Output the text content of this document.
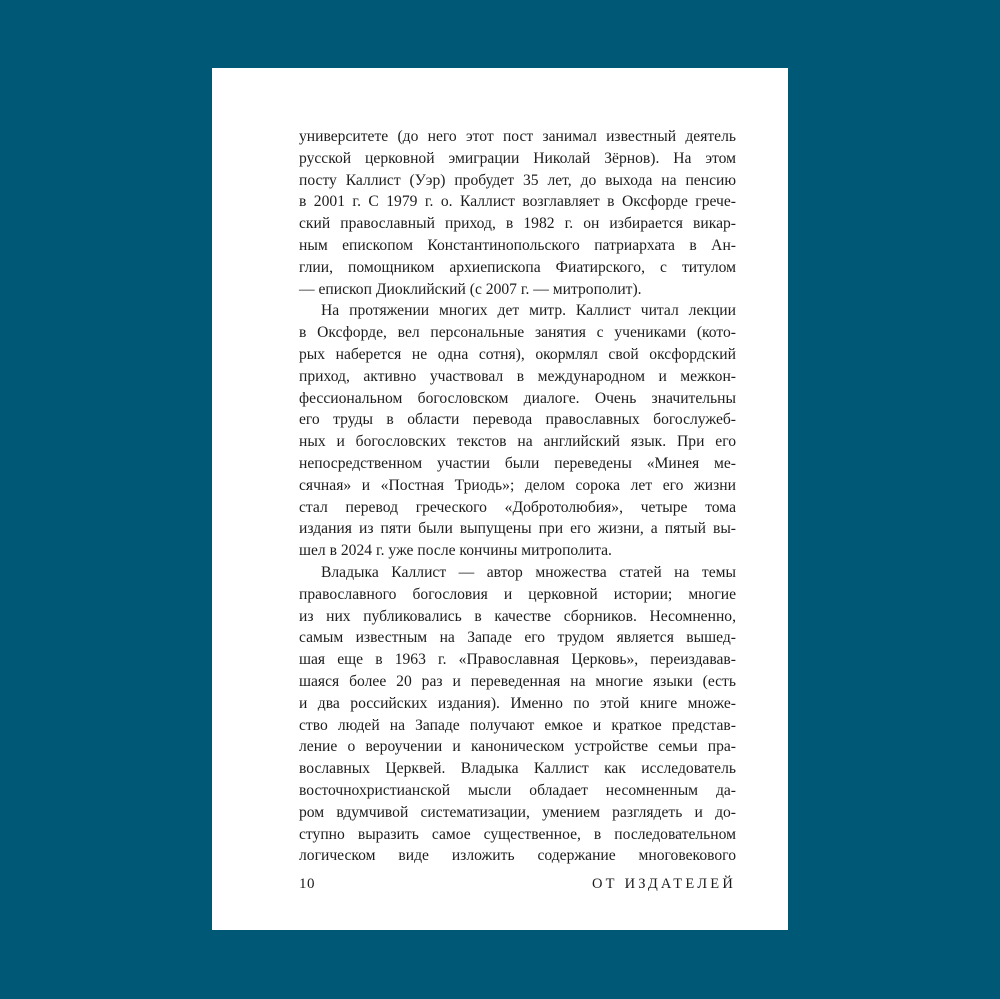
университете (до него этот пост занимал известный деятель
русской церковной эмиграции Николай Зёрнов). На этом
посту Каллист (Уэр) пробудет 35 лет, до выхода на пенсию
в 2001 г. С 1979 г. о. Каллист возглавляет в Оксфорде грече-
ский православный приход, в 1982 г. он избирается викар-
ным епископом Константинопольского патриархата в Ан-
глии, помощником архиепископа Фиатирского, с титулом
— епископ Диоклийский (с 2007 г. — митрополит).

На протяжении многих дет митр. Каллист читал лекции
в Оксфорде, вел персональные занятия с учениками (кото-
рых наберется не одна сотня), окормлял свой оксфордский
приход, активно участвовал в международном и межкон-
фессиональном богословском диалоге. Очень значительны
его труды в области перевода православных богослужеб-
ных и богословских текстов на английский язык. При его
непосредственном участии были переведены «Минея ме-
сячная» и «Постная Триодь»; делом сорока лет его жизни
стал перевод греческого «Добротолюбия», четыре тома
издания из пяти были выпущены при его жизни, а пятый вы-
шел в 2024 г. уже после кончины митрополита.

Владыка Каллист — автор множества статей на темы
православного богословия и церковной истории; многие
из них публиковались в качестве сборников. Несомненно,
самым известным на Западе его трудом является вышед-
шая еще в 1963 г. «Православная Церковь», переиздавав-
шаяся более 20 раз и переведенная на многие языки (есть
и два российских издания). Именно по этой книге множе-
ство людей на Западе получают емкое и краткое представ-
ление о вероучении и каноническом устройстве семьи пра-
вославных Церквей. Владыка Каллист как исследователь
восточнохристианской мысли обладает несомненным да-
ром вдумчивой систематизации, умением разглядеть и до-
ступно выразить самое существенное, в последовательном
логическом виде изложить содержание многовекового

10	ОТ ИЗДАТЕЛЕЙ
